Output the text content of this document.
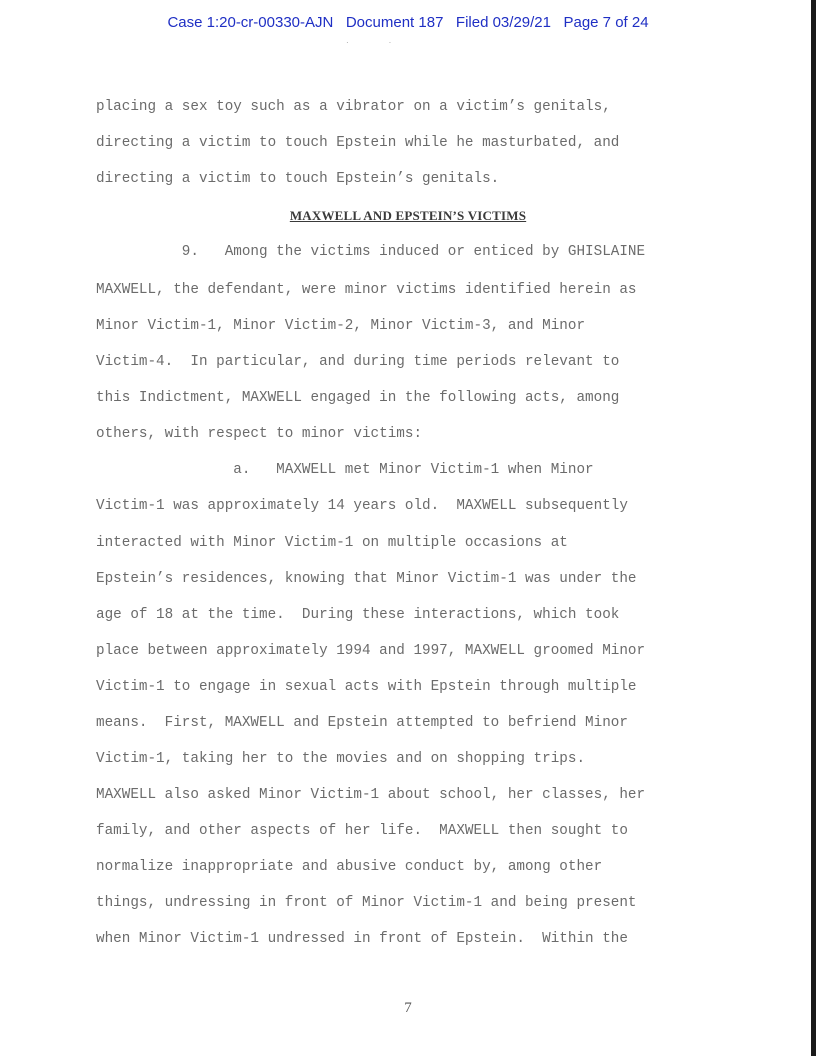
Case 1:20-cr-00330-AJN   Document 187   Filed 03/29/21   Page 7 of 24
··
placing a sex toy such as a vibrator on a victim’s genitals,
directing a victim to touch Epstein while he masturbated, and
directing a victim to touch Epstein’s genitals.
MAXWELL AND EPSTEIN’S VICTIMS
9.   Among the victims induced or enticed by GHISLAINE
MAXWELL, the defendant, were minor victims identified herein as
Minor Victim-1, Minor Victim-2, Minor Victim-3, and Minor
Victim-4.  In particular, and during time periods relevant to
this Indictment, MAXWELL engaged in the following acts, among
others, with respect to minor victims:
a.   MAXWELL met Minor Victim-1 when Minor
Victim-1 was approximately 14 years old.  MAXWELL subsequently
interacted with Minor Victim-1 on multiple occasions at
Epstein’s residences, knowing that Minor Victim-1 was under the
age of 18 at the time.  During these interactions, which took
place between approximately 1994 and 1997, MAXWELL groomed Minor
Victim-1 to engage in sexual acts with Epstein through multiple
means.  First, MAXWELL and Epstein attempted to befriend Minor
Victim-1, taking her to the movies and on shopping trips.
MAXWELL also asked Minor Victim-1 about school, her classes, her
family, and other aspects of her life.  MAXWELL then sought to
normalize inappropriate and abusive conduct by, among other
things, undressing in front of Minor Victim-1 and being present
when Minor Victim-1 undressed in front of Epstein.  Within the
7
